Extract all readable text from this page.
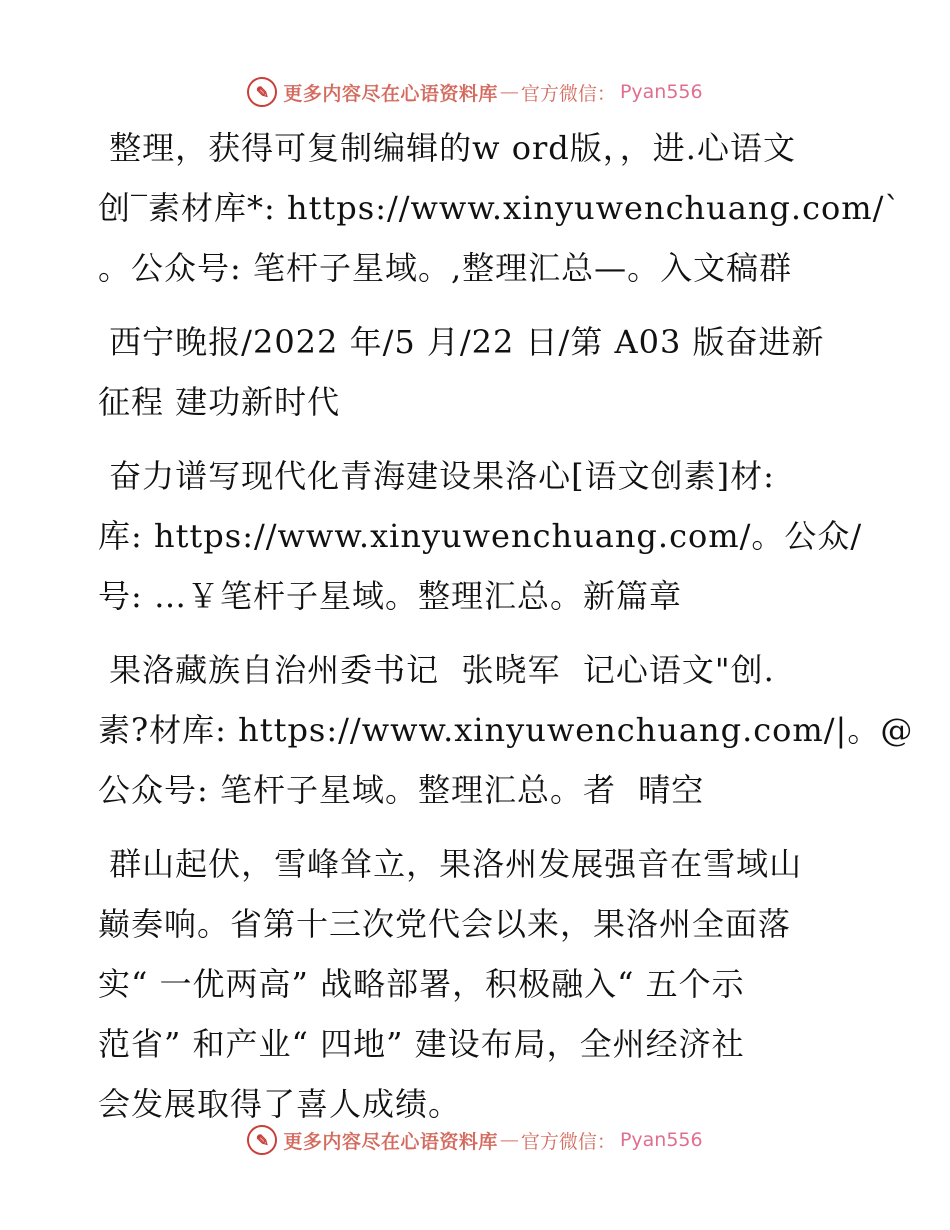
✎ 更多内容尽在心语资料库 — 官方微信： Pyan556
整理，获得可复制编辑的w ord版，，进.心语文
创‾素材库*: https://www.xinyuwenchuang.com/`
。公众号: 笔杆子星域。,整理汇总—。入文稿群
西宁晚报/2022 年/5 月/22 日/第 A03 版奋进新
征程 建功新时代
奋力谱写现代化青海建设果洛心[语文创素]材:
库: https://www.xinyuwenchuang.com/。公众/
号: …￥笔杆子星域。整理汇总。新篇章
果洛藏族自治州委书记  张晓军  记心语文"创.
素?材库: https://www.xinyuwenchuang.com/|。@
公众号: 笔杆子星域。整理汇总。者  晴空
群山起伏，雪峰耸立，果洛州发展强音在雪域山
巅奏响。省第十三次党代会以来，果洛州全面落
实“ 一优两高” 战略部署，积极融入“ 五个示
范省” 和产业“ 四地” 建设布局，全州经济社
会发展取得了喜人成绩。
✎ 更多内容尽在心语资料库 — 官方微信： Pyan556
